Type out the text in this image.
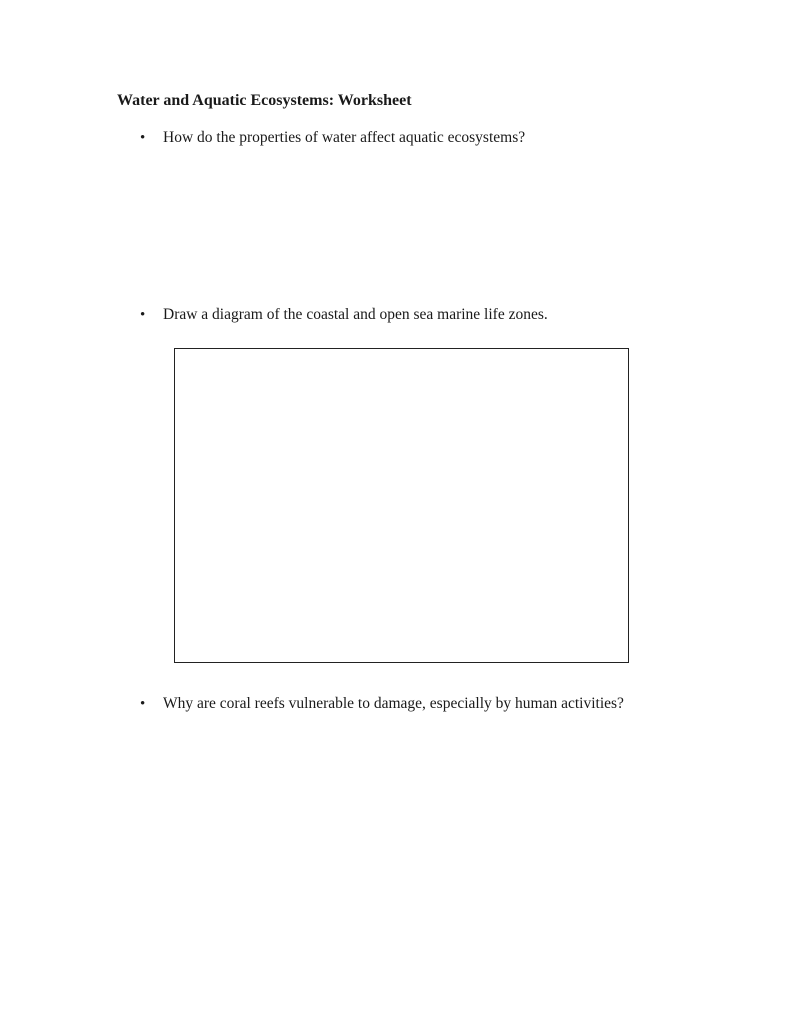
Water and Aquatic Ecosystems: Worksheet
• How do the properties of water affect aquatic ecosystems?
• Draw a diagram of the coastal and open sea marine life zones.
• Why are coral reefs vulnerable to damage, especially by human activities?
